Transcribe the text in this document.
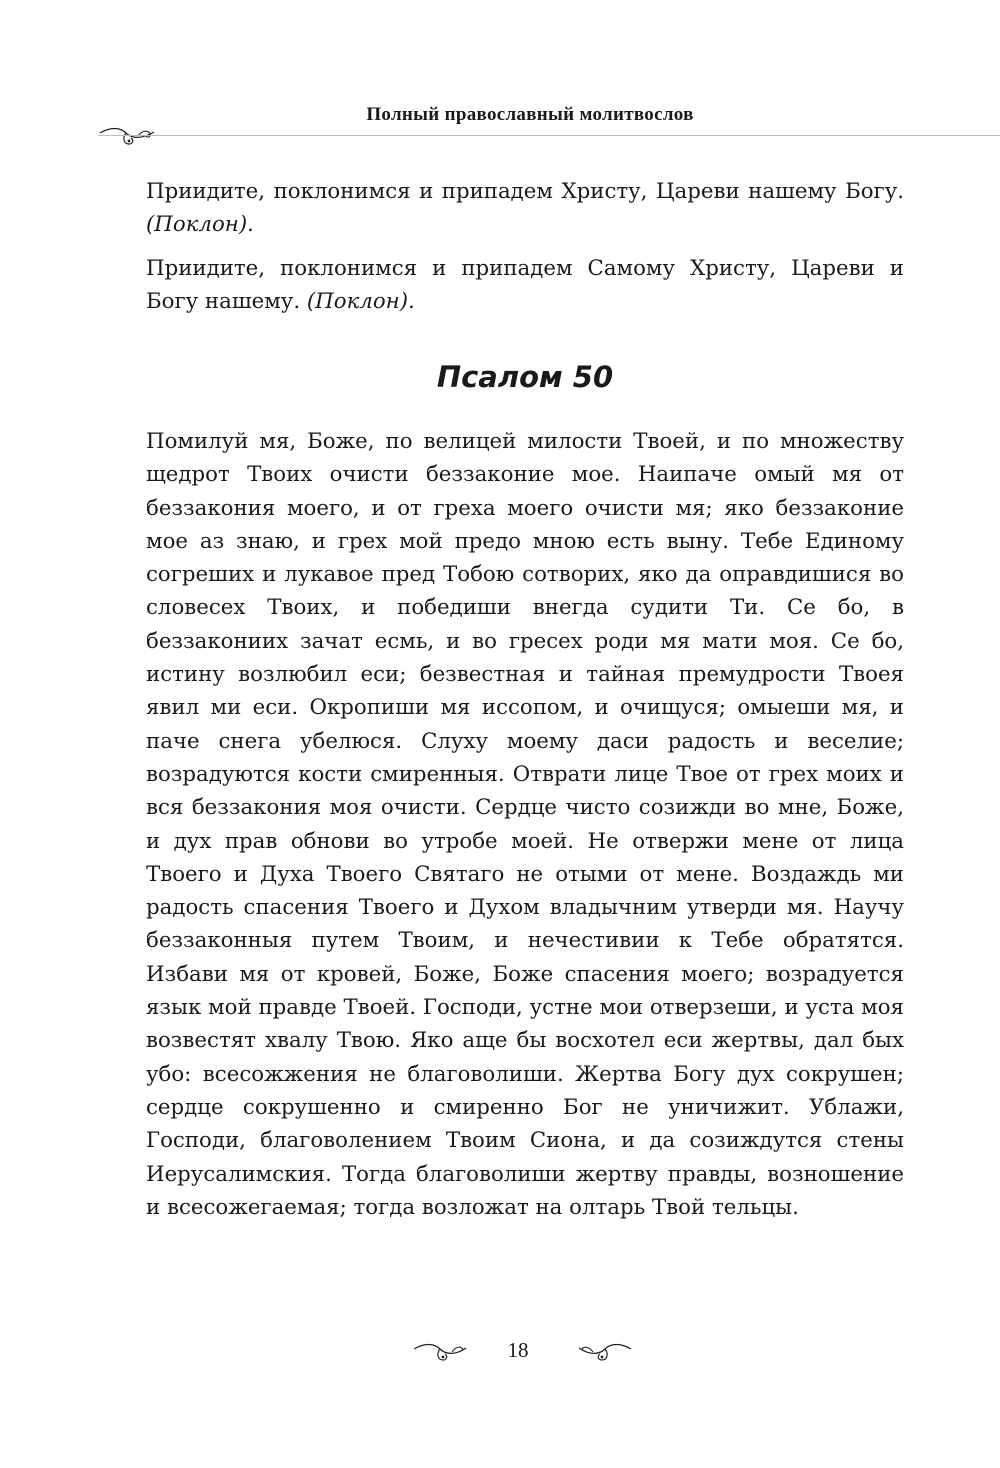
Полный православный молитвослов
Приидите, поклонимся и припадем Христу, Цареви нашему Богу. (Поклон).
Приидите, поклонимся и припадем Самому Христу, Цареви и Богу нашему. (Поклон).
Псалом 50
Помилуй мя, Боже, по велицей милости Твоей, и по множеству щедрот Твоих очисти беззаконие мое. Наипаче омый мя от беззакония моего, и от греха моего очисти мя; яко беззаконие мое аз знаю, и грех мой предо мною есть выну. Тебе Единому согреших и лукавое пред Тобою сотворих, яко да оправдишися во словесех Твоих, и победиши внегда судити Ти. Се бо, в беззакониих зачат есмь, и во гресех роди мя мати моя. Се бо, истину возлюбил еси; безвестная и тайная премудрости Твоея явил ми еси. Окропиши мя иссопом, и очищуся; омыеши мя, и паче снега убелюся. Слуху моему даси радость и веселие; возрадуются кости смиренныя. Отврати лице Твое от грех моих и вся беззакония моя очисти. Сердце чисто созижди во мне, Боже, и дух прав обнови во утробе моей. Не отвержи мене от лица Твоего и Духа Твоего Святаго не отыми от мене. Воздаждь ми радость спасения Твоего и Духом владычним утверди мя. Научу беззаконныя путем Твоим, и нечестивии к Тебе обратятся. Избави мя от кровей, Боже, Боже спасения моего; возрадуется язык мой правде Твоей. Господи, устне мои отверзеши, и уста моя возвестят хвалу Твою. Яко аще бы восхотел еси жертвы, дал бых убо: всесожжения не благоволиши. Жертва Богу дух сокрушен; сердце сокрушенно и смиренно Бог не уничижит. Ублажи, Господи, благоволением Твоим Сиона, и да созиждутся стены Иерусалимския. Тогда благоволиши жертву правды, возношение и всесожегаемая; тогда возложат на олтарь Твой тельцы.
18
